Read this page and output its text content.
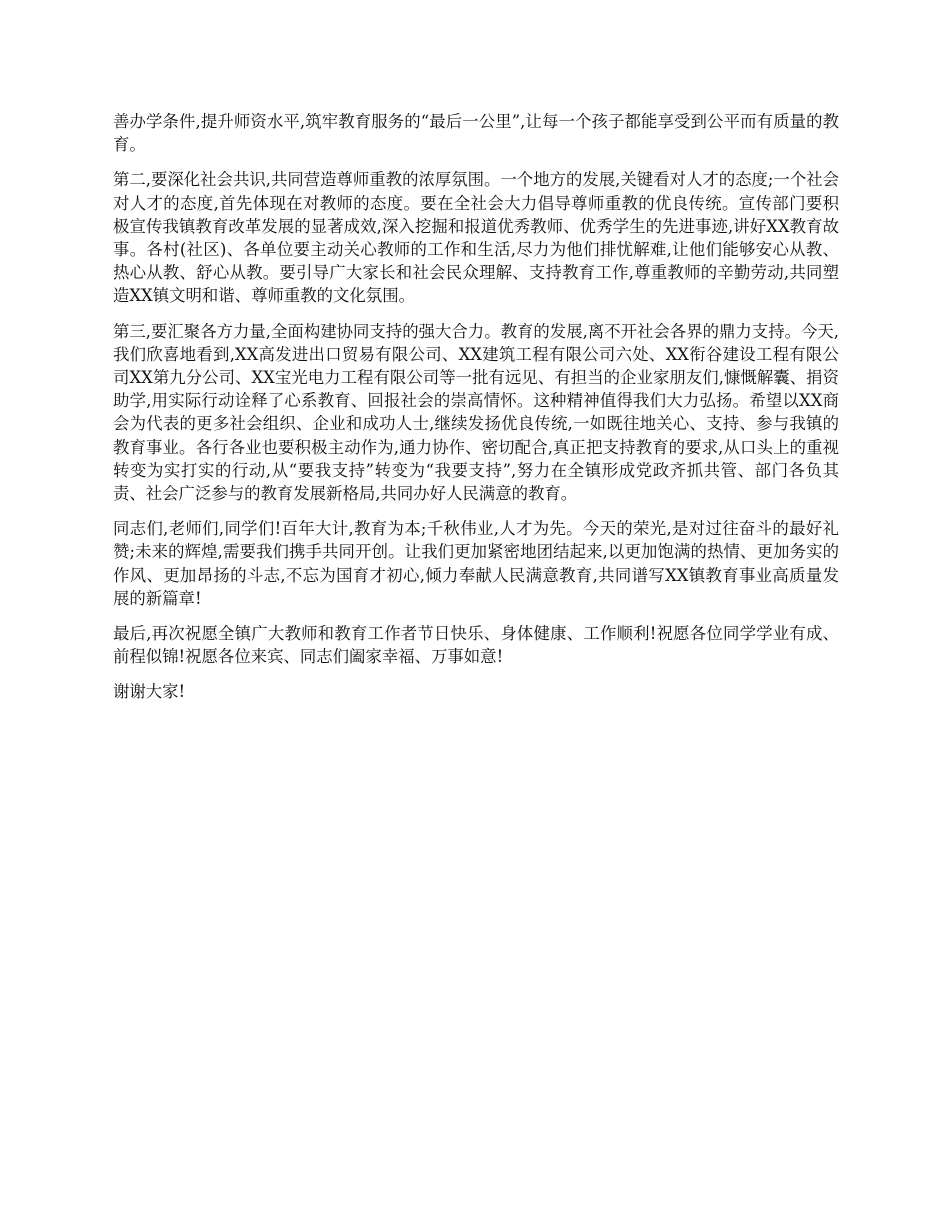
善办学条件,提升师资水平,筑牢教育服务的“最后一公里”,让每一个孩子都能享受到公平而有质量的教育。

第二,要深化社会共识,共同营造尊师重教的浓厚氛围。一个地方的发展,关键看对人才的态度;一个社会对人才的态度,首先体现在对教师的态度。要在全社会大力倡导尊师重教的优良传统。宣传部门要积极宣传我镇教育改革发展的显著成效,深入挖掘和报道优秀教师、优秀学生的先进事迹,讲好XX教育故事。各村(社区)、各单位要主动关心教师的工作和生活,尽力为他们排忧解难,让他们能够安心从教、热心从教、舒心从教。要引导广大家长和社会民众理解、支持教育工作,尊重教师的辛勤劳动,共同塑造XX镇文明和谐、尊师重教的文化氛围。

第三,要汇聚各方力量,全面构建协同支持的强大合力。教育的发展,离不开社会各界的鼎力支持。今天,我们欣喜地看到,XX高发进出口贸易有限公司、XX建筑工程有限公司六处、XX衔谷建设工程有限公司XX第九分公司、XX宝光电力工程有限公司等一批有远见、有担当的企业家朋友们,慷慨解囊、捐资助学,用实际行动诠释了心系教育、回报社会的崇高情怀。这种精神值得我们大力弘扬。希望以XX商会为代表的更多社会组织、企业和成功人士,继续发扬优良传统,一如既往地关心、支持、参与我镇的教育事业。各行各业也要积极主动作为,通力协作、密切配合,真正把支持教育的要求,从口头上的重视转变为实打实的行动,从“要我支持”转变为“我要支持”,努力在全镇形成党政齐抓共管、部门各负其责、社会广泛参与的教育发展新格局,共同办好人民满意的教育。

同志们,老师们,同学们!百年大计,教育为本;千秋伟业,人才为先。今天的荣光,是对过往奋斗的最好礼赞;未来的辉煌,需要我们携手共同开创。让我们更加紧密地团结起来,以更加饱满的热情、更加务实的作风、更加昂扬的斗志,不忘为国育才初心,倾力奉献人民满意教育,共同谱写XX镇教育事业高质量发展的新篇章!

最后,再次祝愿全镇广大教师和教育工作者节日快乐、身体健康、工作顺利!祝愿各位同学学业有成、前程似锦!祝愿各位来宾、同志们阖家幸福、万事如意!

谢谢大家!
